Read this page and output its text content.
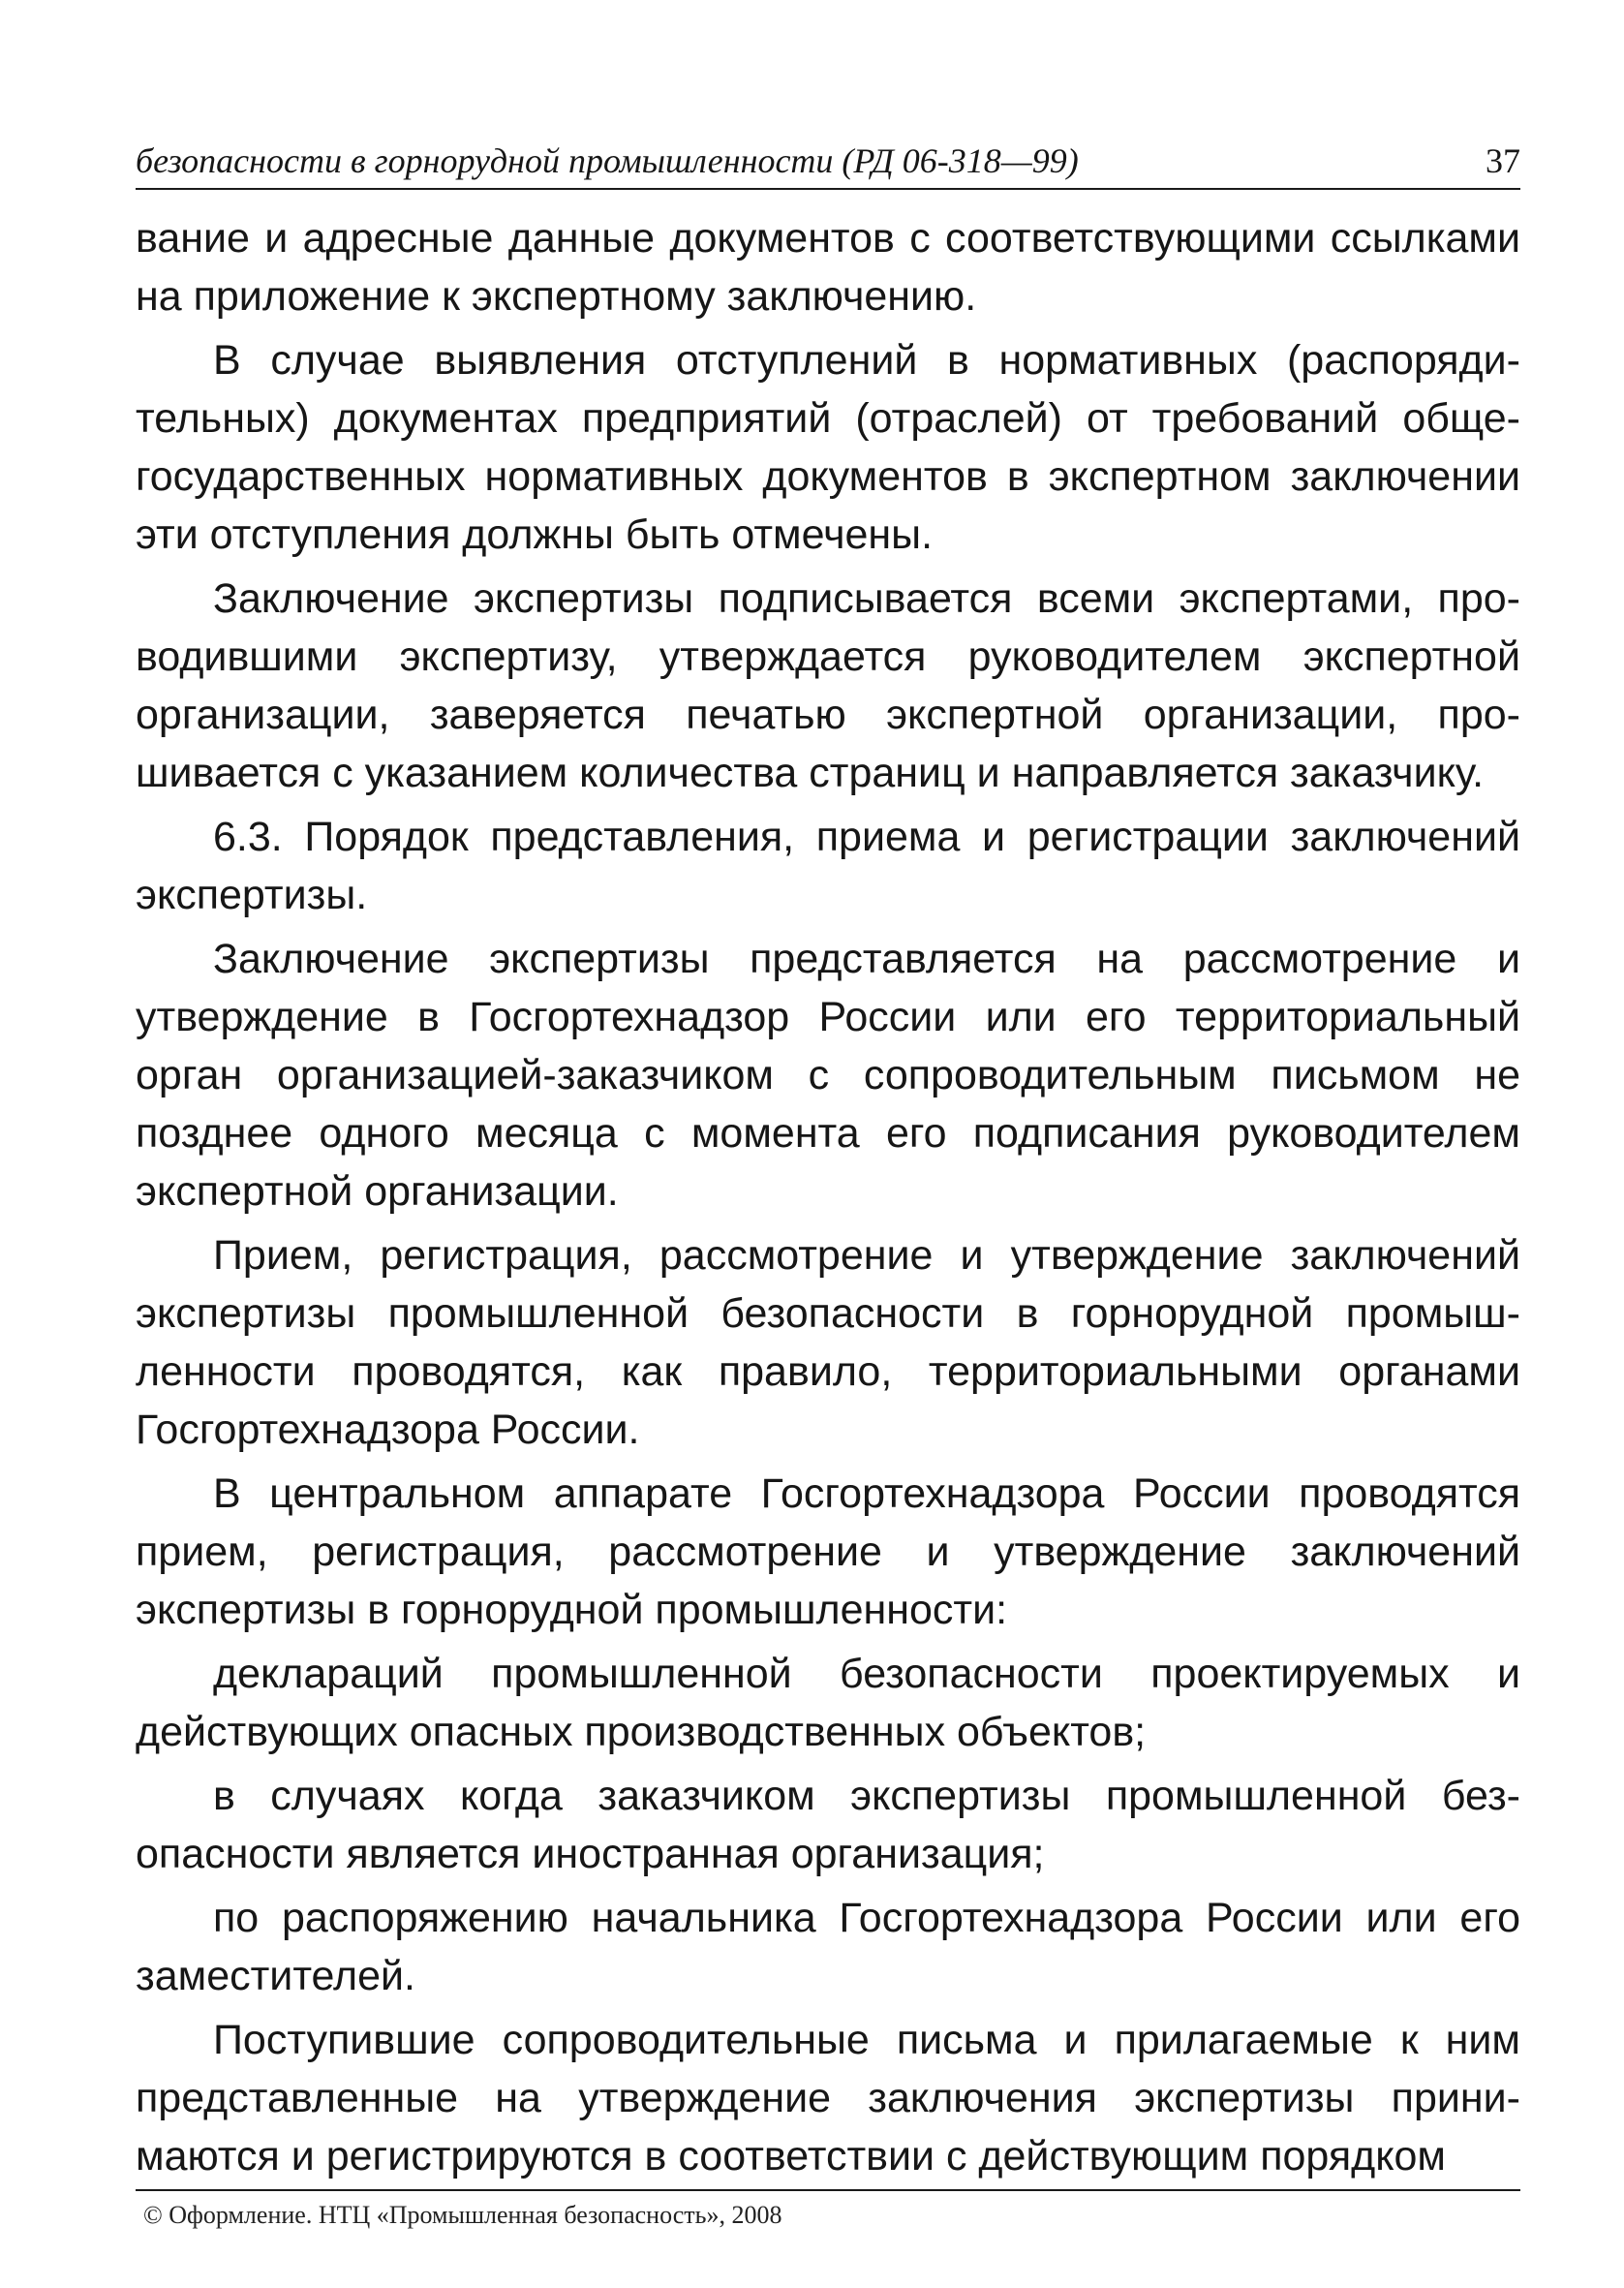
безопасности в горнорудной промышленности (РД 06-318—99)	37

вание и адресные данные документов с соответствующими ссылками на приложение к экспертному заключению.

В случае выявления отступлений в нормативных (распорядительных) документах предприятий (отраслей) от требований общегосударственных нормативных документов в экспертном заключении эти отступления должны быть отмечены.

Заключение экспертизы подписывается всеми экспертами, проводившими экспертизу, утверждается руководителем экспертной организации, заверяется печатью экспертной организации, прошивается с указанием количества страниц и направляется заказчику.

6.3. Порядок представления, приема и регистрации заключений экспертизы.

Заключение экспертизы представляется на рассмотрение и утверждение в Госгортехнадзор России или его территориальный орган организацией-заказчиком с сопроводительным письмом не позднее одного месяца с момента его подписания руководителем экспертной организации.

Прием, регистрация, рассмотрение и утверждение заключений экспертизы промышленной безопасности в горнорудной промышленности проводятся, как правило, территориальными органами Госгортехнадзора России.

В центральном аппарате Госгортехнадзора России проводятся прием, регистрация, рассмотрение и утверждение заключений экспертизы в горнорудной промышленности:

деклараций промышленной безопасности проектируемых и действующих опасных производственных объектов;

в случаях когда заказчиком экспертизы промышленной безопасности является иностранная организация;

по распоряжению начальника Госгортехнадзора России или его заместителей.

Поступившие сопроводительные письма и прилагаемые к ним представленные на утверждение заключения экспертизы принимаются и регистрируются в соответствии с действующим порядком

© Оформление. НТЦ «Промышленная безопасность», 2008
